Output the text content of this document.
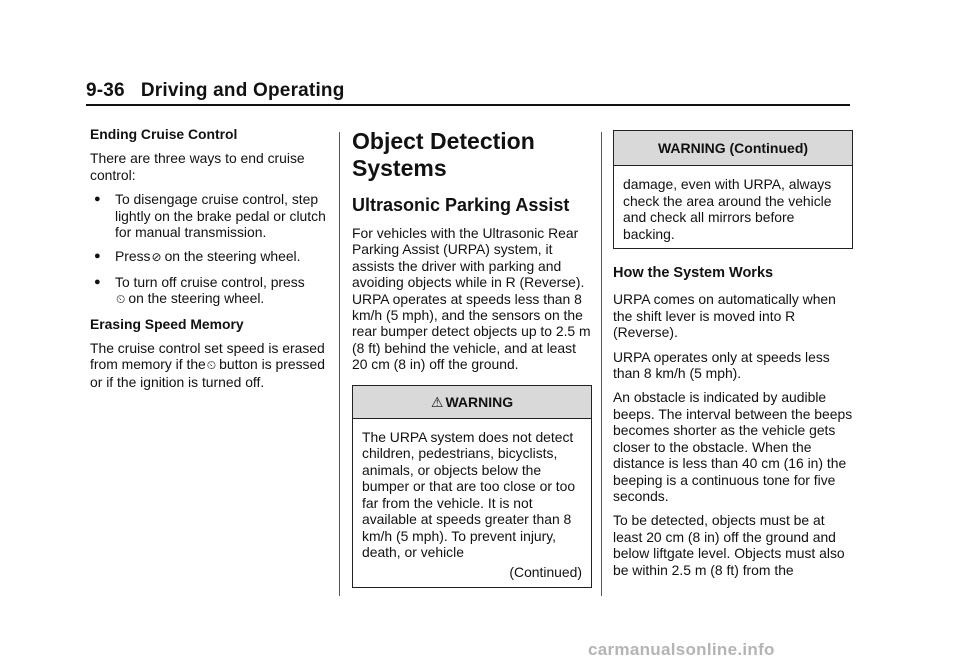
9-36 Driving and Operating

Ending Cruise Control

There are three ways to end cruise control:

● To disengage cruise control, step lightly on the brake pedal or clutch for manual transmission.
● Press⊘ on the steering wheel.
● To turn off cruise control, press
⏲ on the steering wheel.

Erasing Speed Memory

The cruise control set speed is erased from memory if the⏲ button is pressed or if the ignition is turned off.

Object Detection Systems
Ultrasonic Parking Assist

For vehicles with the Ultrasonic Rear Parking Assist (URPA) system, it assists the driver with parking and avoiding objects while in R (Reverse). URPA operates at speeds less than 8 km/h (5 mph), and the sensors on the rear bumper detect objects up to 2.5 m (8 ft) behind the vehicle, and at least 20 cm (8 in) off the ground.

⚠ WARNING

The URPA system does not detect children, pedestrians, bicyclists, animals, or objects below the bumper or that are too close or too far from the vehicle. It is not available at speeds greater than 8 km/h (5 mph). To prevent injury, death, or vehicle

(Continued)

WARNING (Continued)

damage, even with URPA, always check the area around the vehicle and check all mirrors before backing.

How the System Works

URPA comes on automatically when the shift lever is moved into R (Reverse).

URPA operates only at speeds less than 8 km/h (5 mph).

An obstacle is indicated by audible beeps. The interval between the beeps becomes shorter as the vehicle gets closer to the obstacle. When the distance is less than 40 cm (16 in) the beeping is a continuous tone for five seconds.

To be detected, objects must be at least 20 cm (8 in) off the ground and below liftgate level. Objects must also be within 2.5 m (8 ft) from the

carmanualsonline.info
